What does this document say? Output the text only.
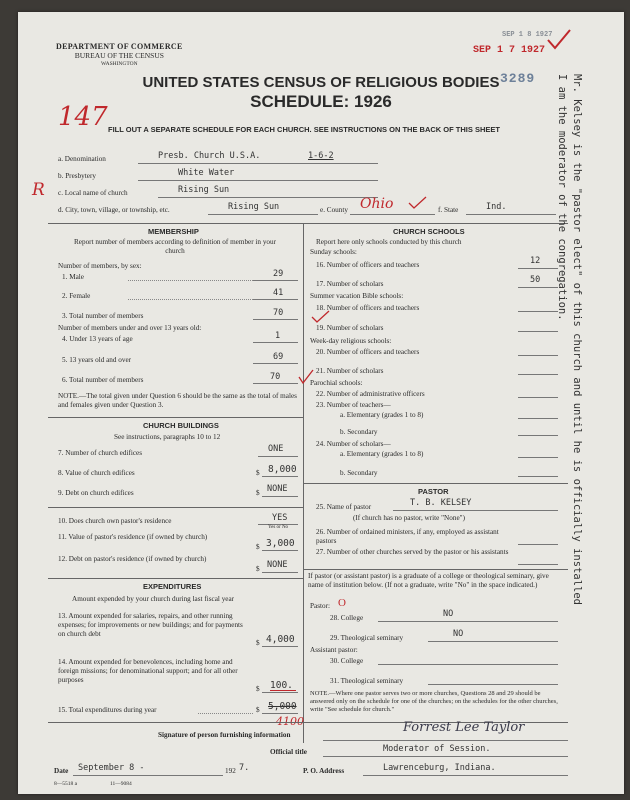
DEPARTMENT OF COMMERCE
BUREAU OF THE CENSUS
WASHINGTON
SEP 1 7 1927
SEP 1 8 1927
UNITED STATES CENSUS OF RELIGIOUS BODIES 3289
SCHEDULE: 1926
147 FILL OUT A SEPARATE SCHEDULE FOR EACH CHURCH. SEE INSTRUCTIONS ON THE BACK OF THIS SHEET
a. Denomination	Presb. Church U.S.A.	1-6-2
b. Presbytery	White Water
c. Local name of church	Rising Sun
R
d. City, town, village, or township, etc.	Rising Sun	e. County Ohio	f. State	Ind.
MEMBERSHIP
Report number of members according to definition of member in your church
Number of members, by sex:
1. Male	29
2. Female	41
3. Total number of members	70
Number of members under and over 13 years old:
4. Under 13 years of age	1
5. 13 years old and over	69
6. Total number of members	70
NOTE.—The total given under Question 6 should be the same as the total of males and females given under Question 3.
CHURCH BUILDINGS
See instructions, paragraphs 10 to 12
7. Number of church edifices	ONE
8. Value of church edifices	$ 8,000
9. Debt on church edifices	$ NONE
10. Does church own pastor's residence	YES
Yes or No
11. Value of pastor's residence (if owned by church)
$ 3,000
12. Debt on pastor's residence (if owned by church)
$ NONE
EXPENDITURES
Amount expended by your church during last fiscal year
13. Amount expended for salaries, repairs, and other running expenses; for improvements or new buildings; and for payments on church debt
$ 4,000
14. Amount expended for benevolences, including home and foreign missions; for denominational support; and for all other purposes
$ 100.
15. Total expenditures during year	$ 5,000
4100
CHURCH SCHOOLS
Report here only schools conducted by this church
Sunday schools:
16. Number of officers and teachers	12
17. Number of scholars	50
Summer vacation Bible schools:
18. Number of officers and teachers
19. Number of scholars
Week-day religious schools:
20. Number of officers and teachers
21. Number of scholars
Parochial schools:
22. Number of administrative officers
23. Number of teachers—
a. Elementary (grades 1 to 8)
b. Secondary
24. Number of scholars—
a. Elementary (grades 1 to 8)
b. Secondary
PASTOR
25. Name of pastor	T. B. KELSEY
(If church has no pastor, write "None")
26. Number of ordained ministers, if any, employed as assistant pastors
27. Number of other churches served by the pastor or his assistants
If pastor (or assistant pastor) is a graduate of a college or theological seminary, give name of institution below. (If not a graduate, write "No" in the space indicated.)
Pastor: O
28. College	NO
29. Theological seminary	NO
Assistant pastor:
30. College
31. Theological seminary
NOTE.—Where one pastor serves two or more churches, Questions 28 and 29 should be answered only on the schedule for one of the churches; on the schedules for the other churches, write "See schedule for church."
Signature of person furnishing information	Forrest Lee Taylor
Official title	Moderator of Session.
Date September 8 -	192 7.	P. O. Address	Lawrenceburg, Indiana.
8—5518 a	11—9084
Mr. Kelsey is the "pastor elect" of this church and until he is officially installed
I am the moderator of the congregation.
